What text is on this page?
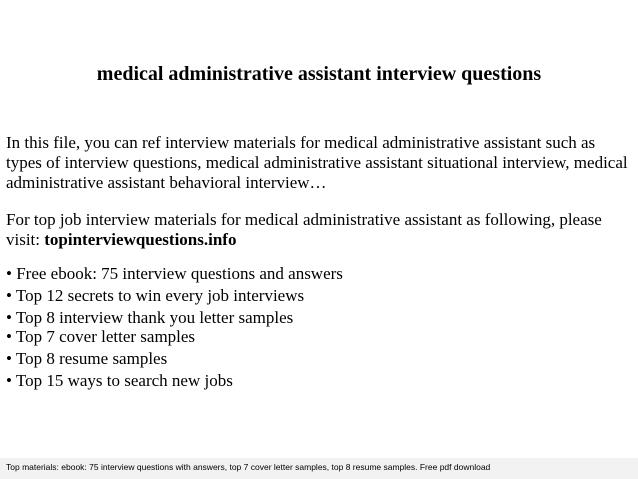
medical administrative assistant interview questions

In this file, you can ref interview materials for medical administrative assistant such as types of interview questions, medical administrative assistant situational interview, medical administrative assistant behavioral interview…

For top job interview materials for medical administrative assistant as following, please visit: topinterviewquestions.info

• Free ebook: 75 interview questions and answers
• Top 12 secrets to win every job interviews
• Top 8 interview thank you letter samples
• Top 7 cover letter samples
• Top 8 resume samples
• Top 15 ways to search new jobs
Top materials: ebook: 75 interview questions with answers, top 7 cover letter samples, top 8 resume samples. Free pdf download
